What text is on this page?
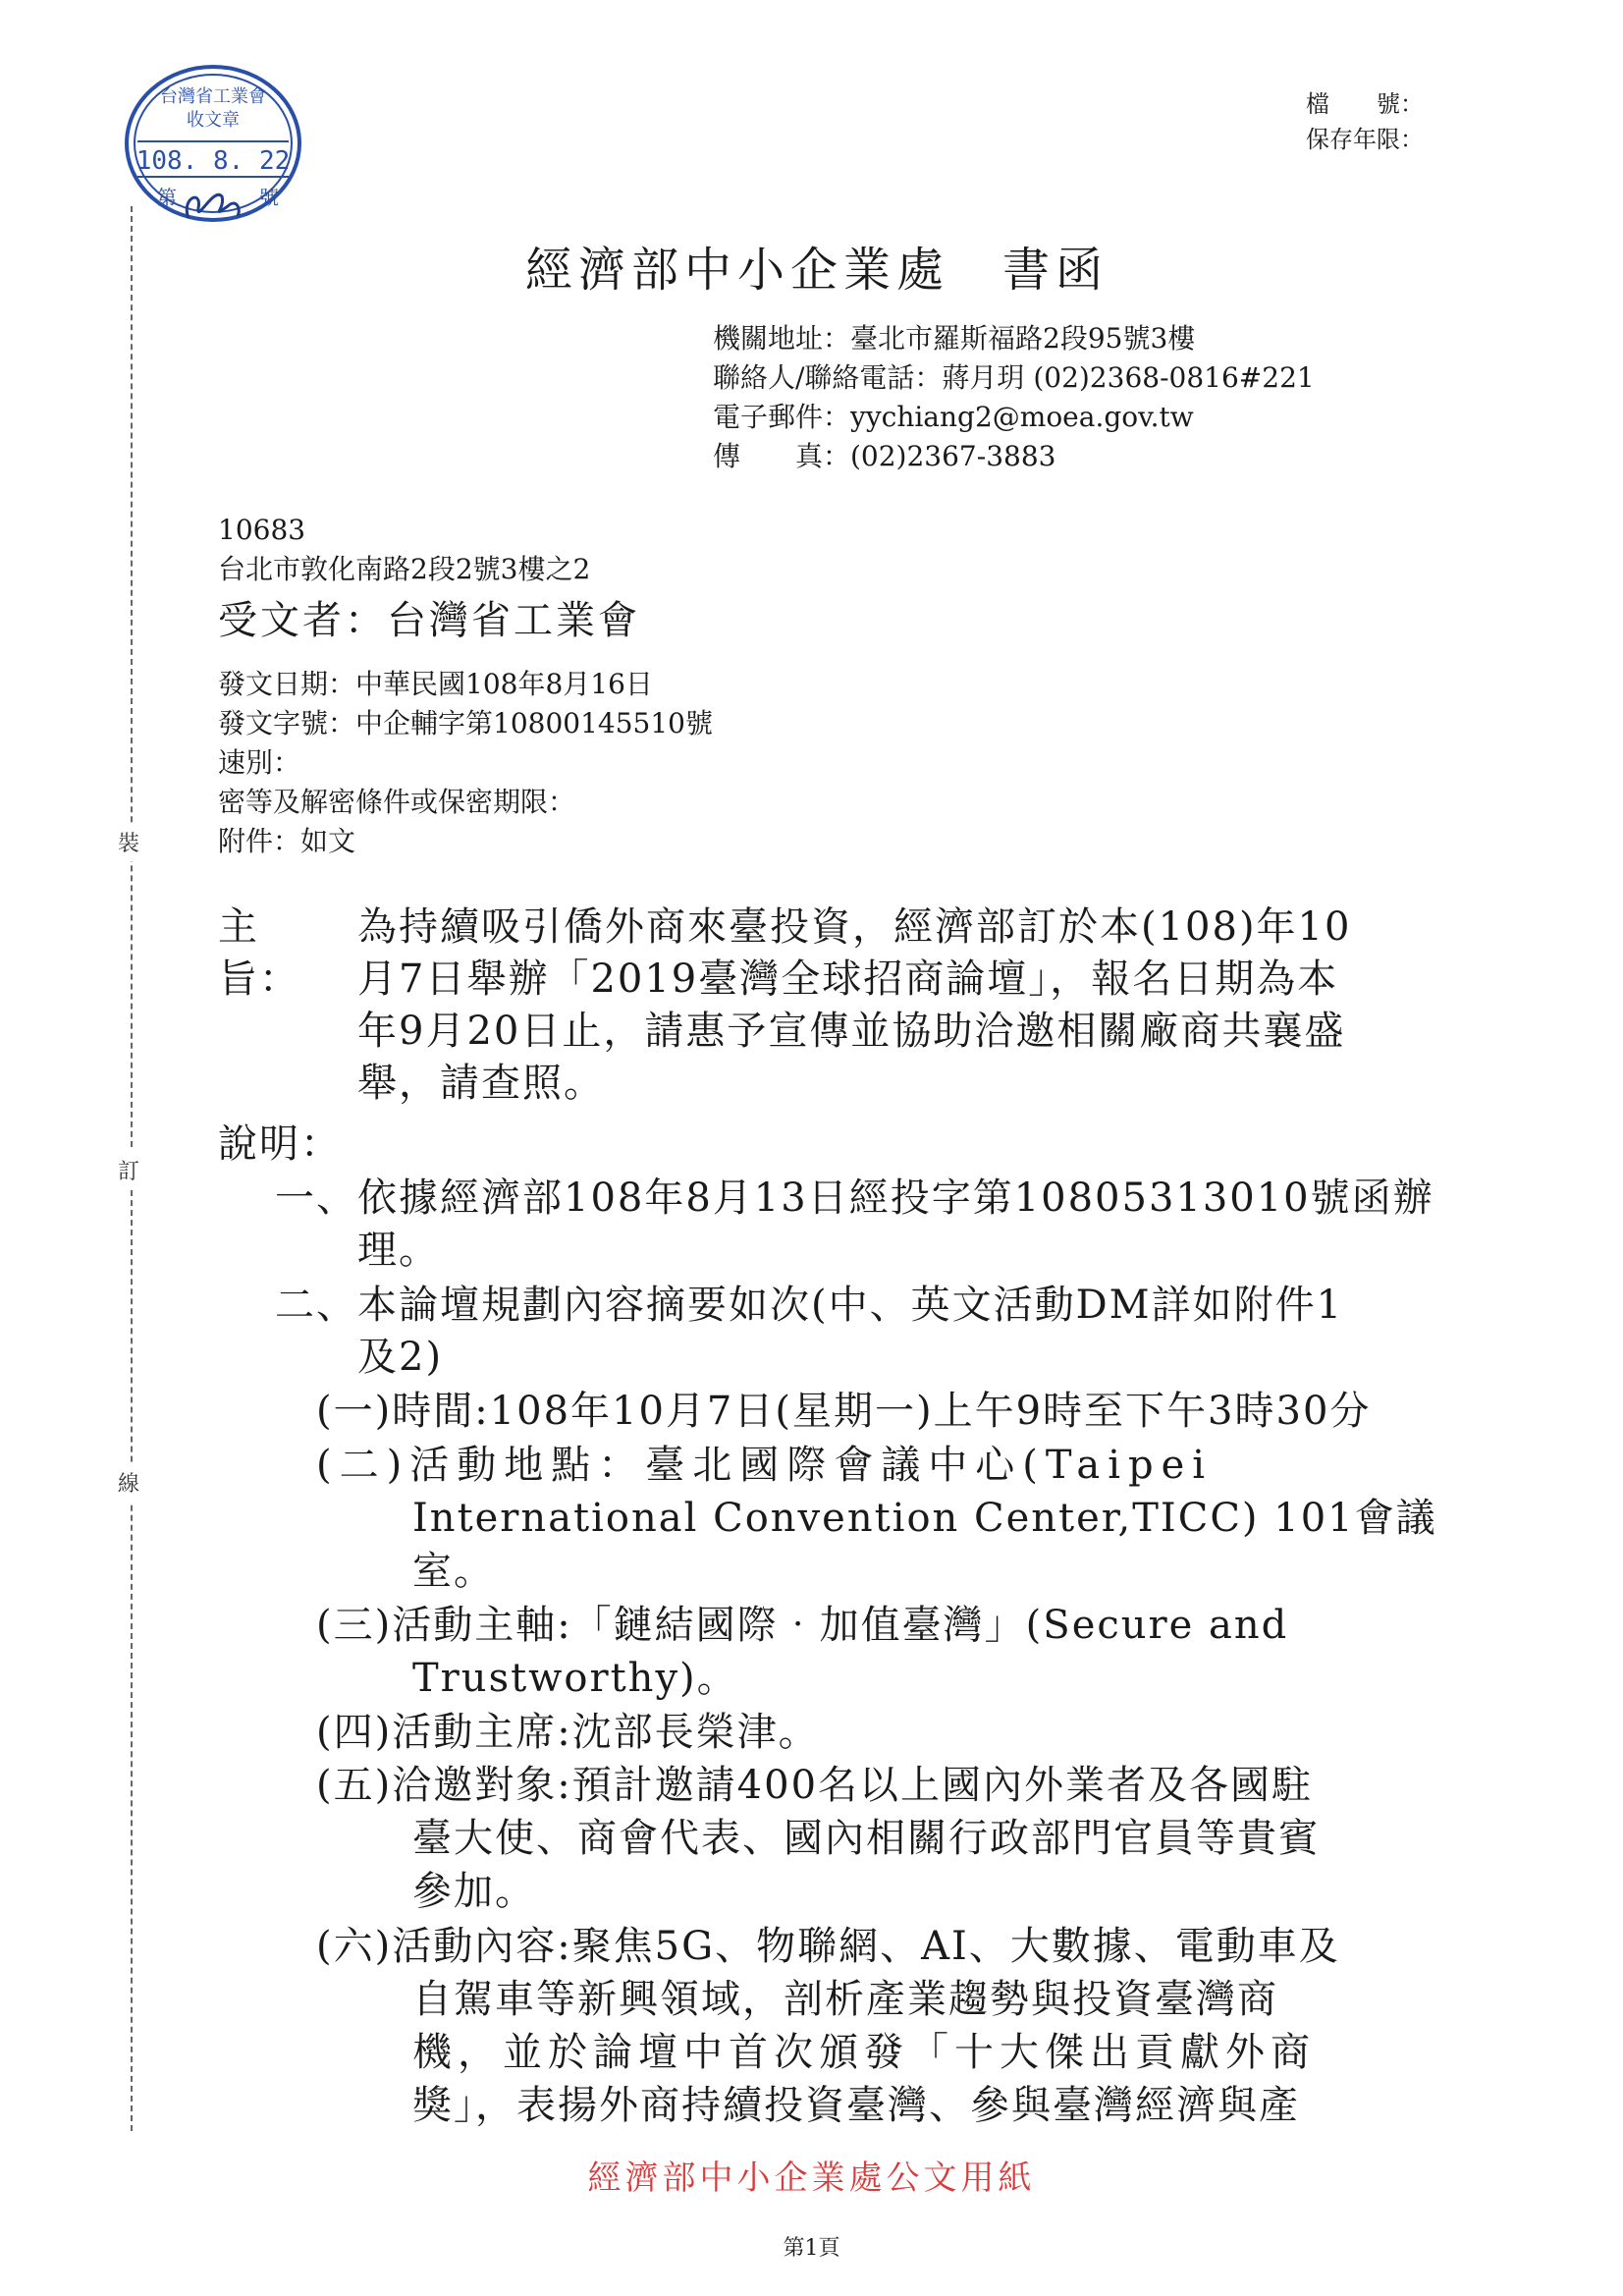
裝
訂
線
台灣省工業會
收文章
108. 8. 22
第	號
檔　　號：
保存年限：
經濟部中小企業處 書函
機關地址：臺北市羅斯福路2段95號3樓
聯絡人/聯絡電話：蔣月玥 (02)2368-0816#221
電子郵件：yychiang2@moea.gov.tw
傳　　真：(02)2367-3883
10683
台北市敦化南路2段2號3樓之2
受文者：台灣省工業會
發文日期：中華民國108年8月16日
發文字號：中企輔字第10800145510號
速別：
密等及解密條件或保密期限：
附件：如文
主旨：
為持續吸引僑外商來臺投資，經濟部訂於本(108)年10
月7日舉辦「2019臺灣全球招商論壇」，報名日期為本
年9月20日止，請惠予宣傳並協助洽邀相關廠商共襄盛
舉，請查照。
說明：
一、依據經濟部108年8月13日經投字第10805313010號函辦
理。
二、本論壇規劃內容摘要如次(中、英文活動DM詳如附件1
及2)
(一)時間:108年10月7日(星期一)上午9時至下午3時30分
(二)活動地點：臺北國際會議中心(Taipei
International Convention Center,TICC) 101會議
室。
(三)活動主軸:「鏈結國際‧加值臺灣」(Secure and
Trustworthy)。
(四)活動主席:沈部長榮津。
(五)洽邀對象:預計邀請400名以上國內外業者及各國駐
臺大使、商會代表、國內相關行政部門官員等貴賓
參加。
(六)活動內容:聚焦5G、物聯網、AI、大數據、電動車及
自駕車等新興領域，剖析產業趨勢與投資臺灣商
機，並於論壇中首次頒發「十大傑出貢獻外商
獎」，表揚外商持續投資臺灣、參與臺灣經濟與產
經濟部中小企業處公文用紙
第1頁
